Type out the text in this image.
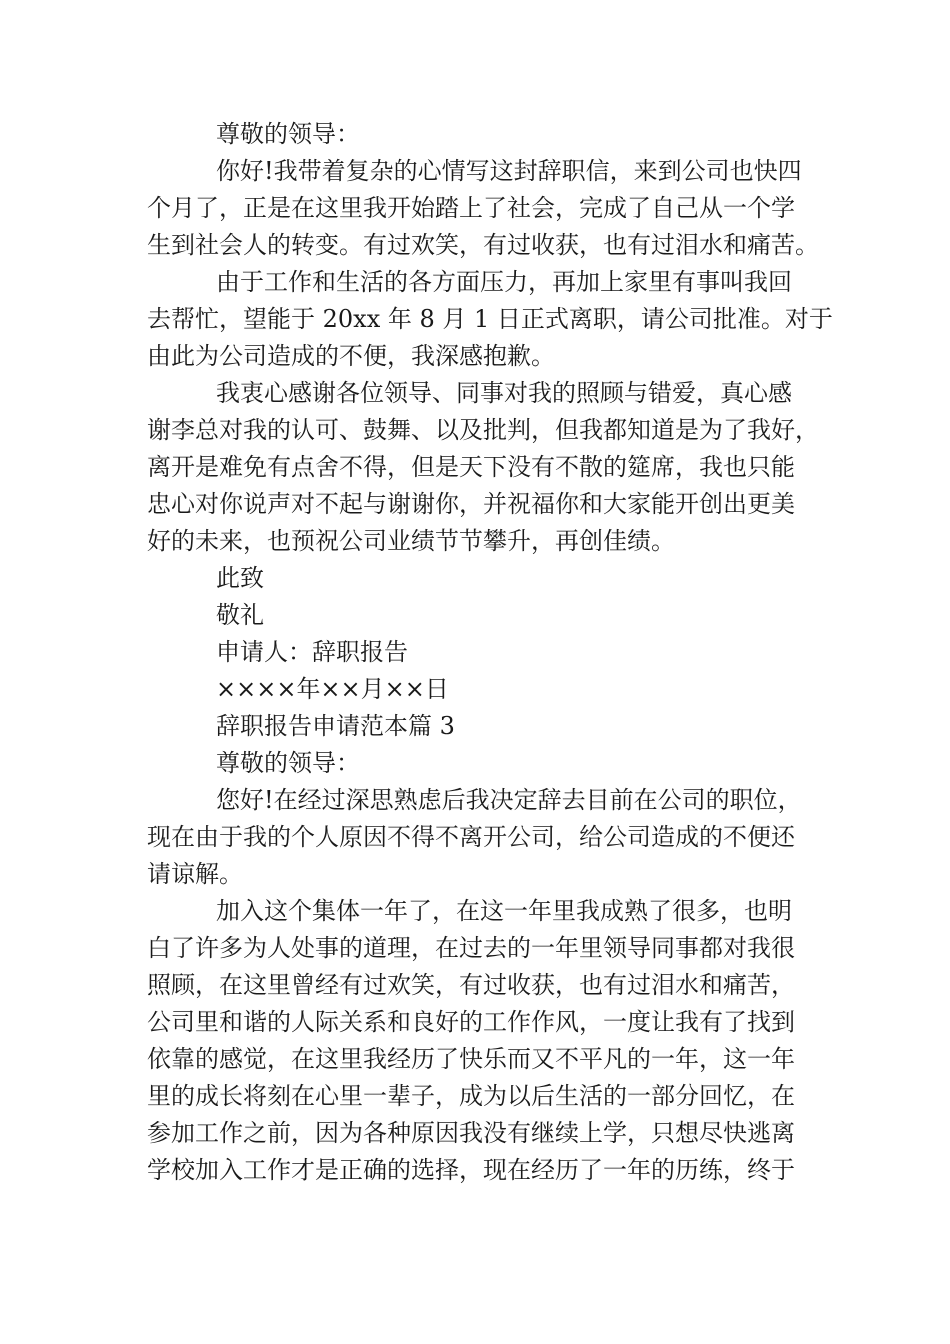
尊敬的领导：
你好!我带着复杂的心情写这封辞职信，来到公司也快四
个月了，正是在这里我开始踏上了社会，完成了自己从一个学
生到社会人的转变。有过欢笑，有过收获，也有过泪水和痛苦。
由于工作和生活的各方面压力，再加上家里有事叫我回
去帮忙，望能于 20xx 年 8 月 1 日正式离职，请公司批准。对于
由此为公司造成的不便，我深感抱歉。
我衷心感谢各位领导、同事对我的照顾与错爱，真心感
谢李总对我的认可、鼓舞、以及批判，但我都知道是为了我好，
离开是难免有点舍不得，但是天下没有不散的筵席，我也只能
忠心对你说声对不起与谢谢你，并祝福你和大家能开创出更美
好的未来，也预祝公司业绩节节攀升，再创佳绩。
此致
敬礼
申请人：辞职报告
××××年××月××日
辞职报告申请范本篇 3
尊敬的领导：
您好!在经过深思熟虑后我决定辞去目前在公司的职位，
现在由于我的个人原因不得不离开公司，给公司造成的不便还
请谅解。
加入这个集体一年了，在这一年里我成熟了很多，也明
白了许多为人处事的道理，在过去的一年里领导同事都对我很
照顾，在这里曾经有过欢笑，有过收获，也有过泪水和痛苦，
公司里和谐的人际关系和良好的工作作风，一度让我有了找到
依靠的感觉，在这里我经历了快乐而又不平凡的一年，这一年
里的成长将刻在心里一辈子，成为以后生活的一部分回忆，在
参加工作之前，因为各种原因我没有继续上学，只想尽快逃离
学校加入工作才是正确的选择，现在经历了一年的历练，终于
